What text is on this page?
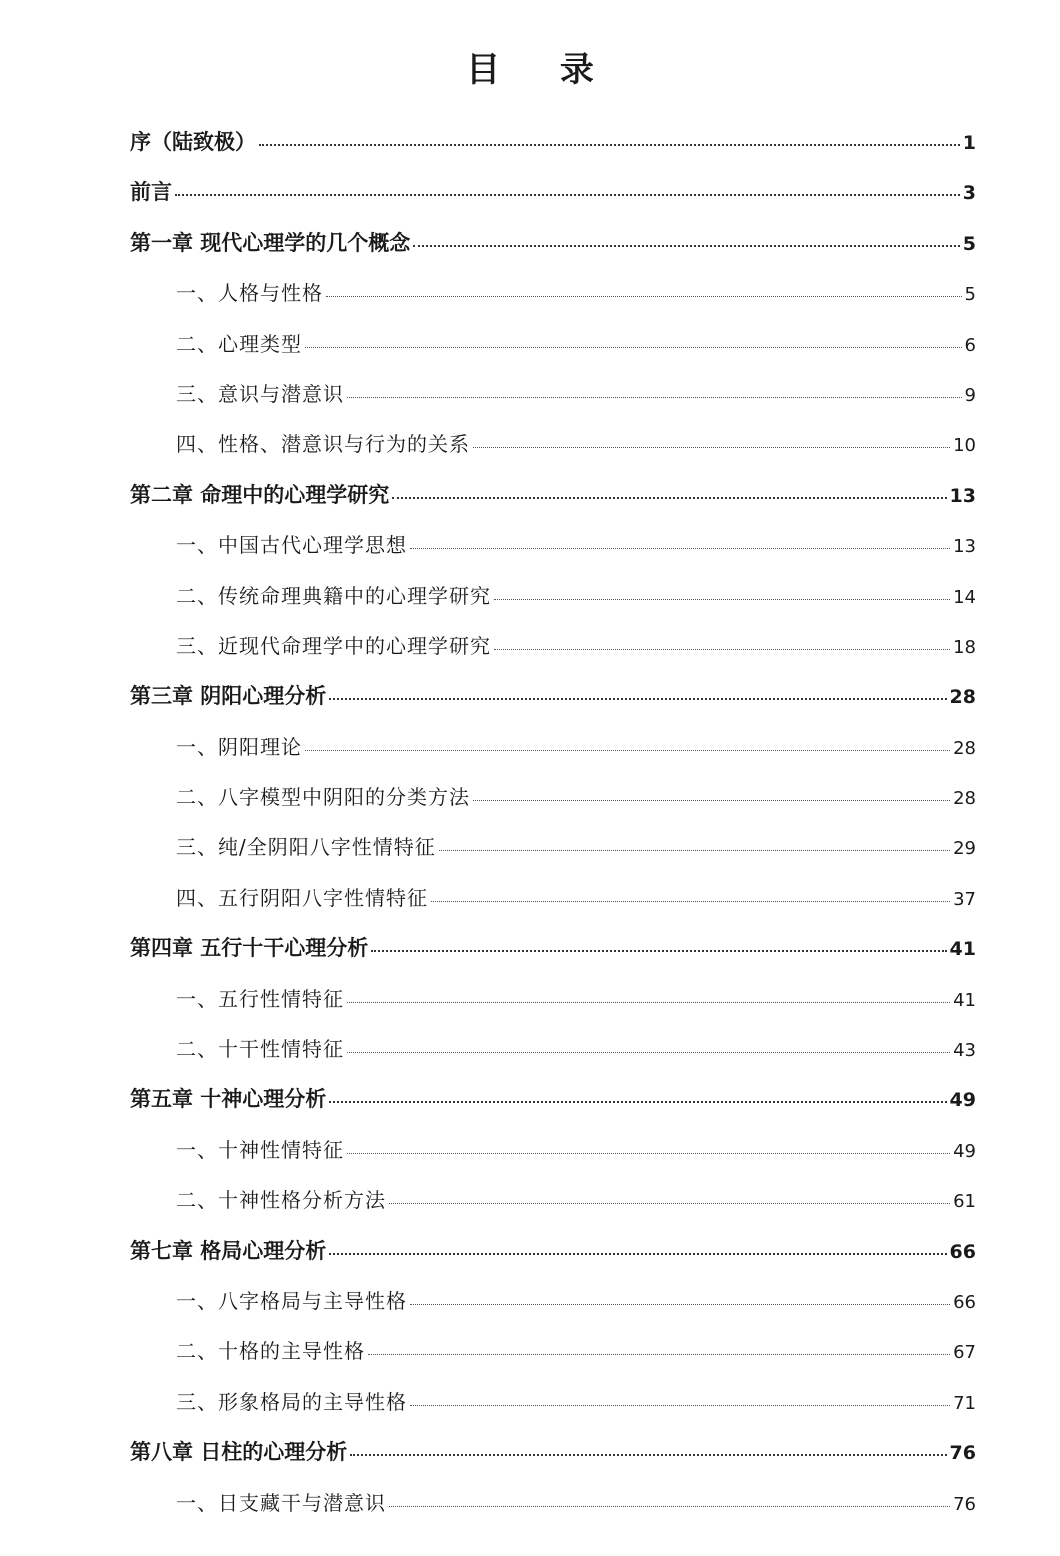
目 录
序（陆致极）	1
前言	3
第一章 现代心理学的几个概念	5
一、人格与性格	5
二、心理类型	6
三、意识与潜意识	9
四、性格、潜意识与行为的关系	10
第二章 命理中的心理学研究	13
一、中国古代心理学思想	13
二、传统命理典籍中的心理学研究	14
三、近现代命理学中的心理学研究	18
第三章 阴阳心理分析	28
一、阴阳理论	28
二、八字模型中阴阳的分类方法	28
三、纯/全阴阳八字性情特征	29
四、五行阴阳八字性情特征	37
第四章 五行十干心理分析	41
一、五行性情特征	41
二、十干性情特征	43
第五章 十神心理分析	49
一、十神性情特征	49
二、十神性格分析方法	61
第七章 格局心理分析	66
一、八字格局与主导性格	66
二、十格的主导性格	67
三、形象格局的主导性格	71
第八章 日柱的心理分析	76
一、日支藏干与潜意识	76
